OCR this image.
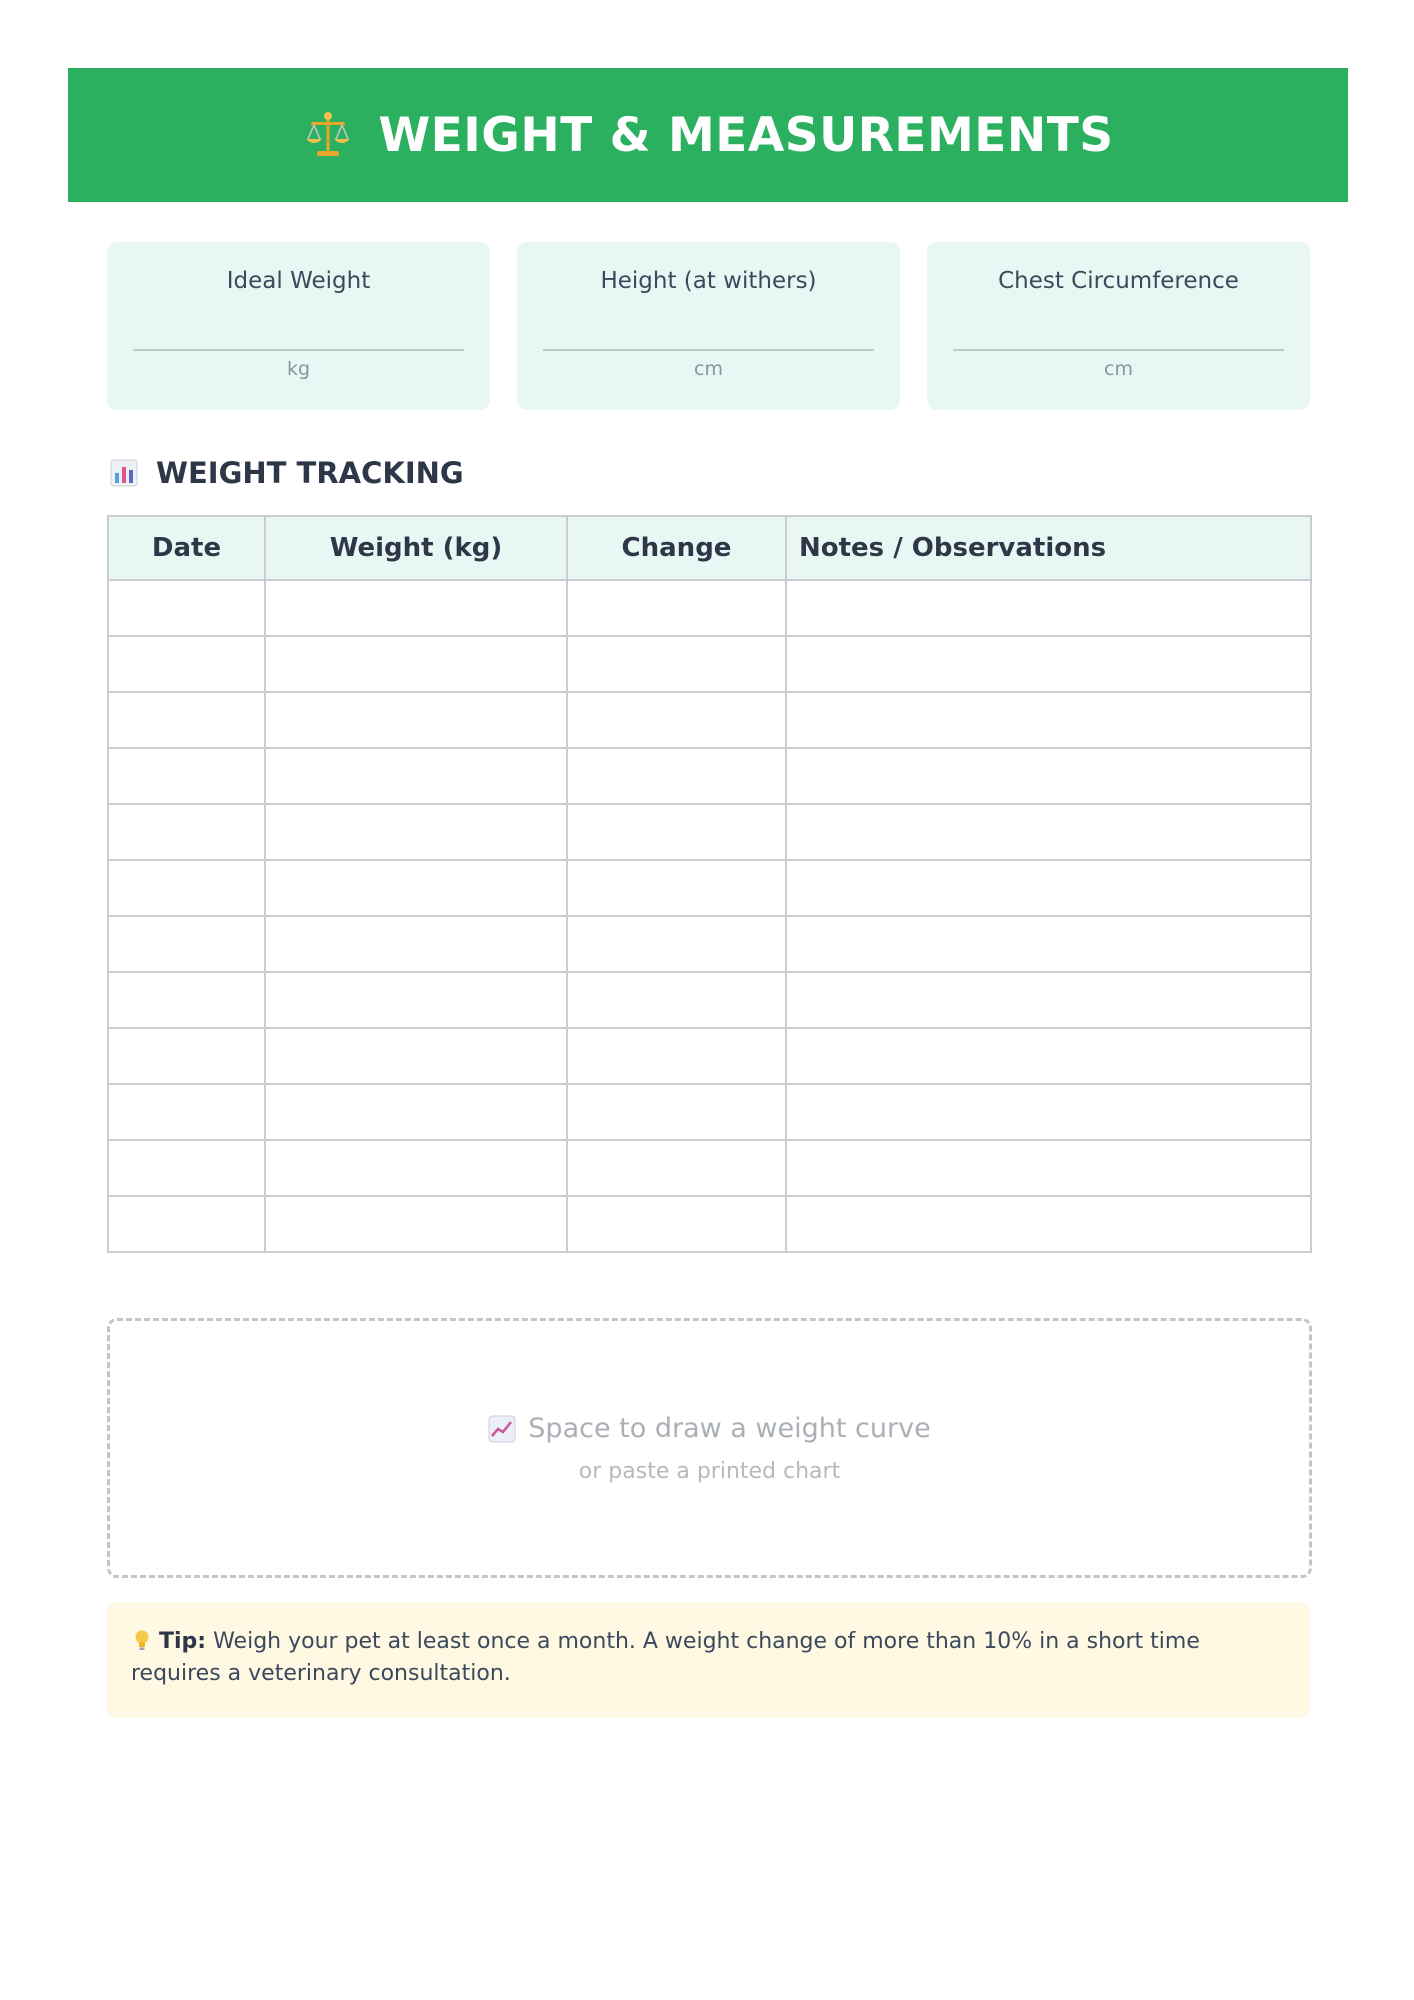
WEIGHT & MEASUREMENTS
Ideal Weight
kg
Height (at withers)
cm
Chest Circumference
cm
WEIGHT TRACKING
Date	Weight (kg)	Change	Notes / Observations

Space to draw a weight curve
or paste a printed chart
Tip: Weigh your pet at least once a month. A weight change of more than 10% in a short time requires a veterinary consultation.
